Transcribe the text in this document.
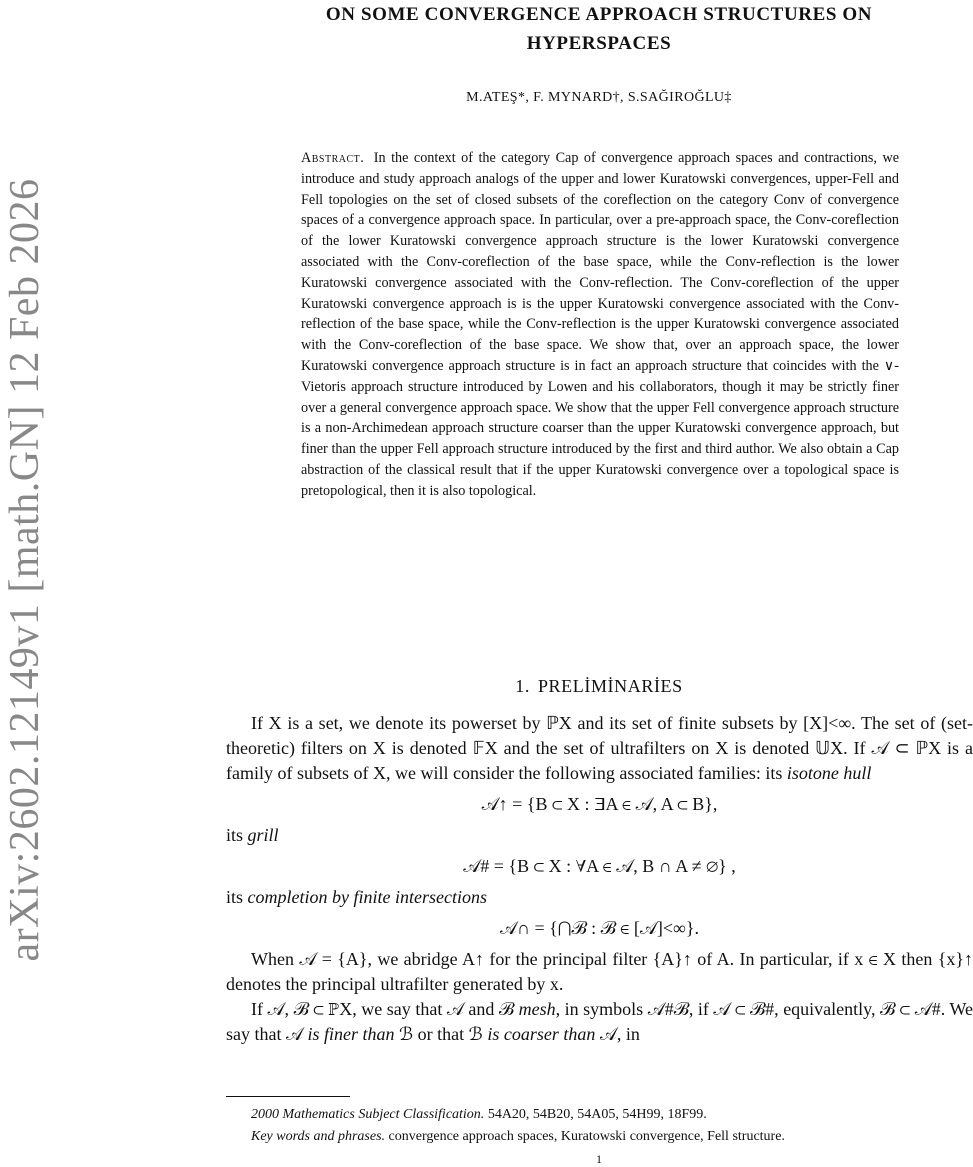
arXiv:2602.12149v1 [math.GN] 12 Feb 2026
ON SOME CONVERGENCE APPROACH STRUCTURES ON
HYPERSPACES
M.ATEŞ*, F. MYNARD†, S.SAĞIROĞLU‡
Abstract. In the context of the category Cap of convergence approach spaces and contractions, we introduce and study approach analogs of the upper and lower Kuratowski convergences, upper-Fell and Fell topologies on the set of closed subsets of the coreflection on the category Conv of convergence spaces of a convergence approach space. In particular, over a pre-approach space, the Conv-coreflection of the lower Kuratowski convergence approach structure is the lower Kuratowski convergence associated with the Conv-coreflection of the base space, while the Conv-reflection is the lower Kuratowski convergence associated with the Conv-reflection. The Conv-coreflection of the upper Kuratowski convergence approach is is the upper Kuratowski convergence associated with the Conv-reflection of the base space, while the Conv-reflection is the upper Kuratowski convergence associated with the Conv-coreflection of the base space. We show that, over an approach space, the lower Kuratowski convergence approach structure is in fact an approach structure that coincides with the ∨-Vietoris approach structure introduced by Lowen and his collaborators, though it may be strictly finer over a general convergence approach space. We show that the upper Fell convergence approach structure is a non-Archimedean approach structure coarser than the upper Kuratowski convergence approach, but finer than the upper Fell approach structure introduced by the first and third author. We also obtain a Cap abstraction of the classical result that if the upper Kuratowski convergence over a topological space is pretopological, then it is also topological.
1. PRELİMİNARİES

If X is a set, we denote its powerset by ℙX and its set of finite subsets by [X]<∞. The set of (set-theoretic) filters on X is denoted 𝔽X and the set of ultrafilters on X is denoted 𝕌X. If 𝒜 ⊂ ℙX is a family of subsets of X, we will consider the following associated families: its isotone hull

𝒜↑ = {B ⊂ X : ∃A ∈ 𝒜, A ⊂ B},

its grill

𝒜# = {B ⊂ X : ∀A ∈ 𝒜, B ∩ A ≠ ∅} ,

its completion by finite intersections

𝒜∩ = {⋂ℬ : ℬ ∈ [𝒜]<∞}.

When 𝒜 = {A}, we abridge A↑ for the principal filter {A}↑ of A. In particular, if x ∈ X then {x}↑ denotes the principal ultrafilter generated by x.

If 𝒜, ℬ ⊂ ℙX, we say that 𝒜 and ℬ mesh, in symbols 𝒜#ℬ, if 𝒜 ⊂ ℬ#, equivalently, ℬ ⊂ 𝒜#. We say that 𝒜 is finer than ℬ or that ℬ is coarser than 𝒜, in

2000 Mathematics Subject Classification. 54A20, 54B20, 54A05, 54H99, 18F99.

Key words and phrases. convergence approach spaces, Kuratowski convergence, Fell structure.

1
